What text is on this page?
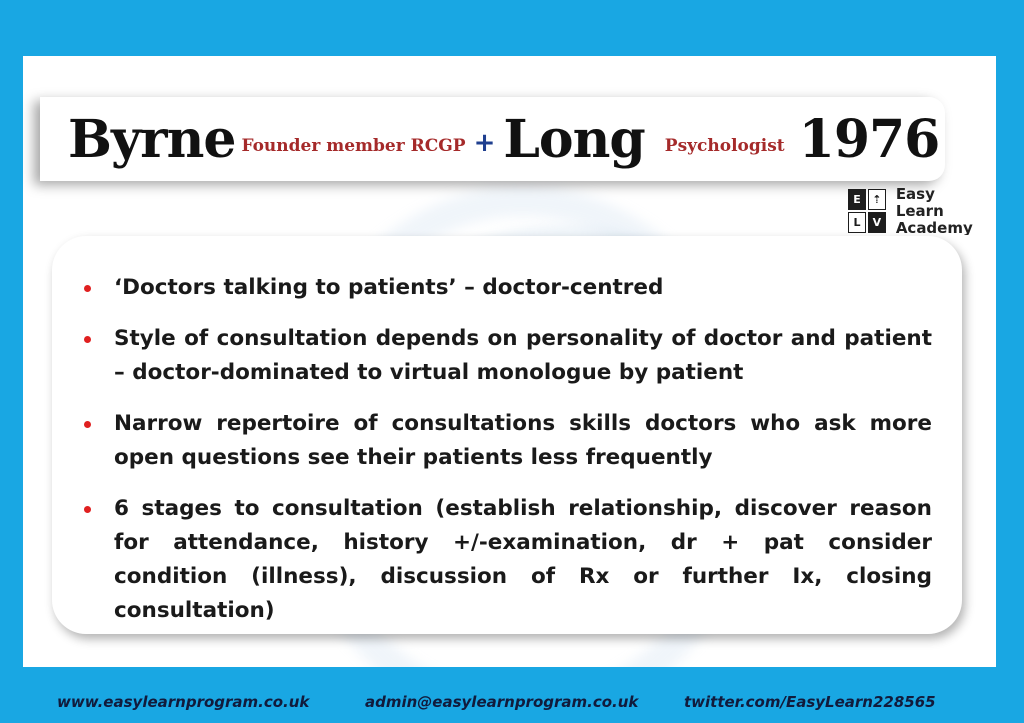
Byrne Founder member RCGP + Long Psychologist 1976
E	⇡
L	V
Easy Learn
Academy
‘Doctors talking to patients’ – doctor-centred
Style of consultation depends on personality of doctor and patient – doctor-dominated to virtual monologue by patient
Narrow repertoire of consultations skills doctors who ask more open questions see their patients less frequently
6 stages to consultation (establish relationship, discover reason for attendance, history +/-examination, dr + pat consider condition (illness), discussion of Rx or further Ix, closing consultation)
www.easylearnprogram.co.uk	admin@easylearnprogram.co.uk	twitter.com/EasyLearn228565
